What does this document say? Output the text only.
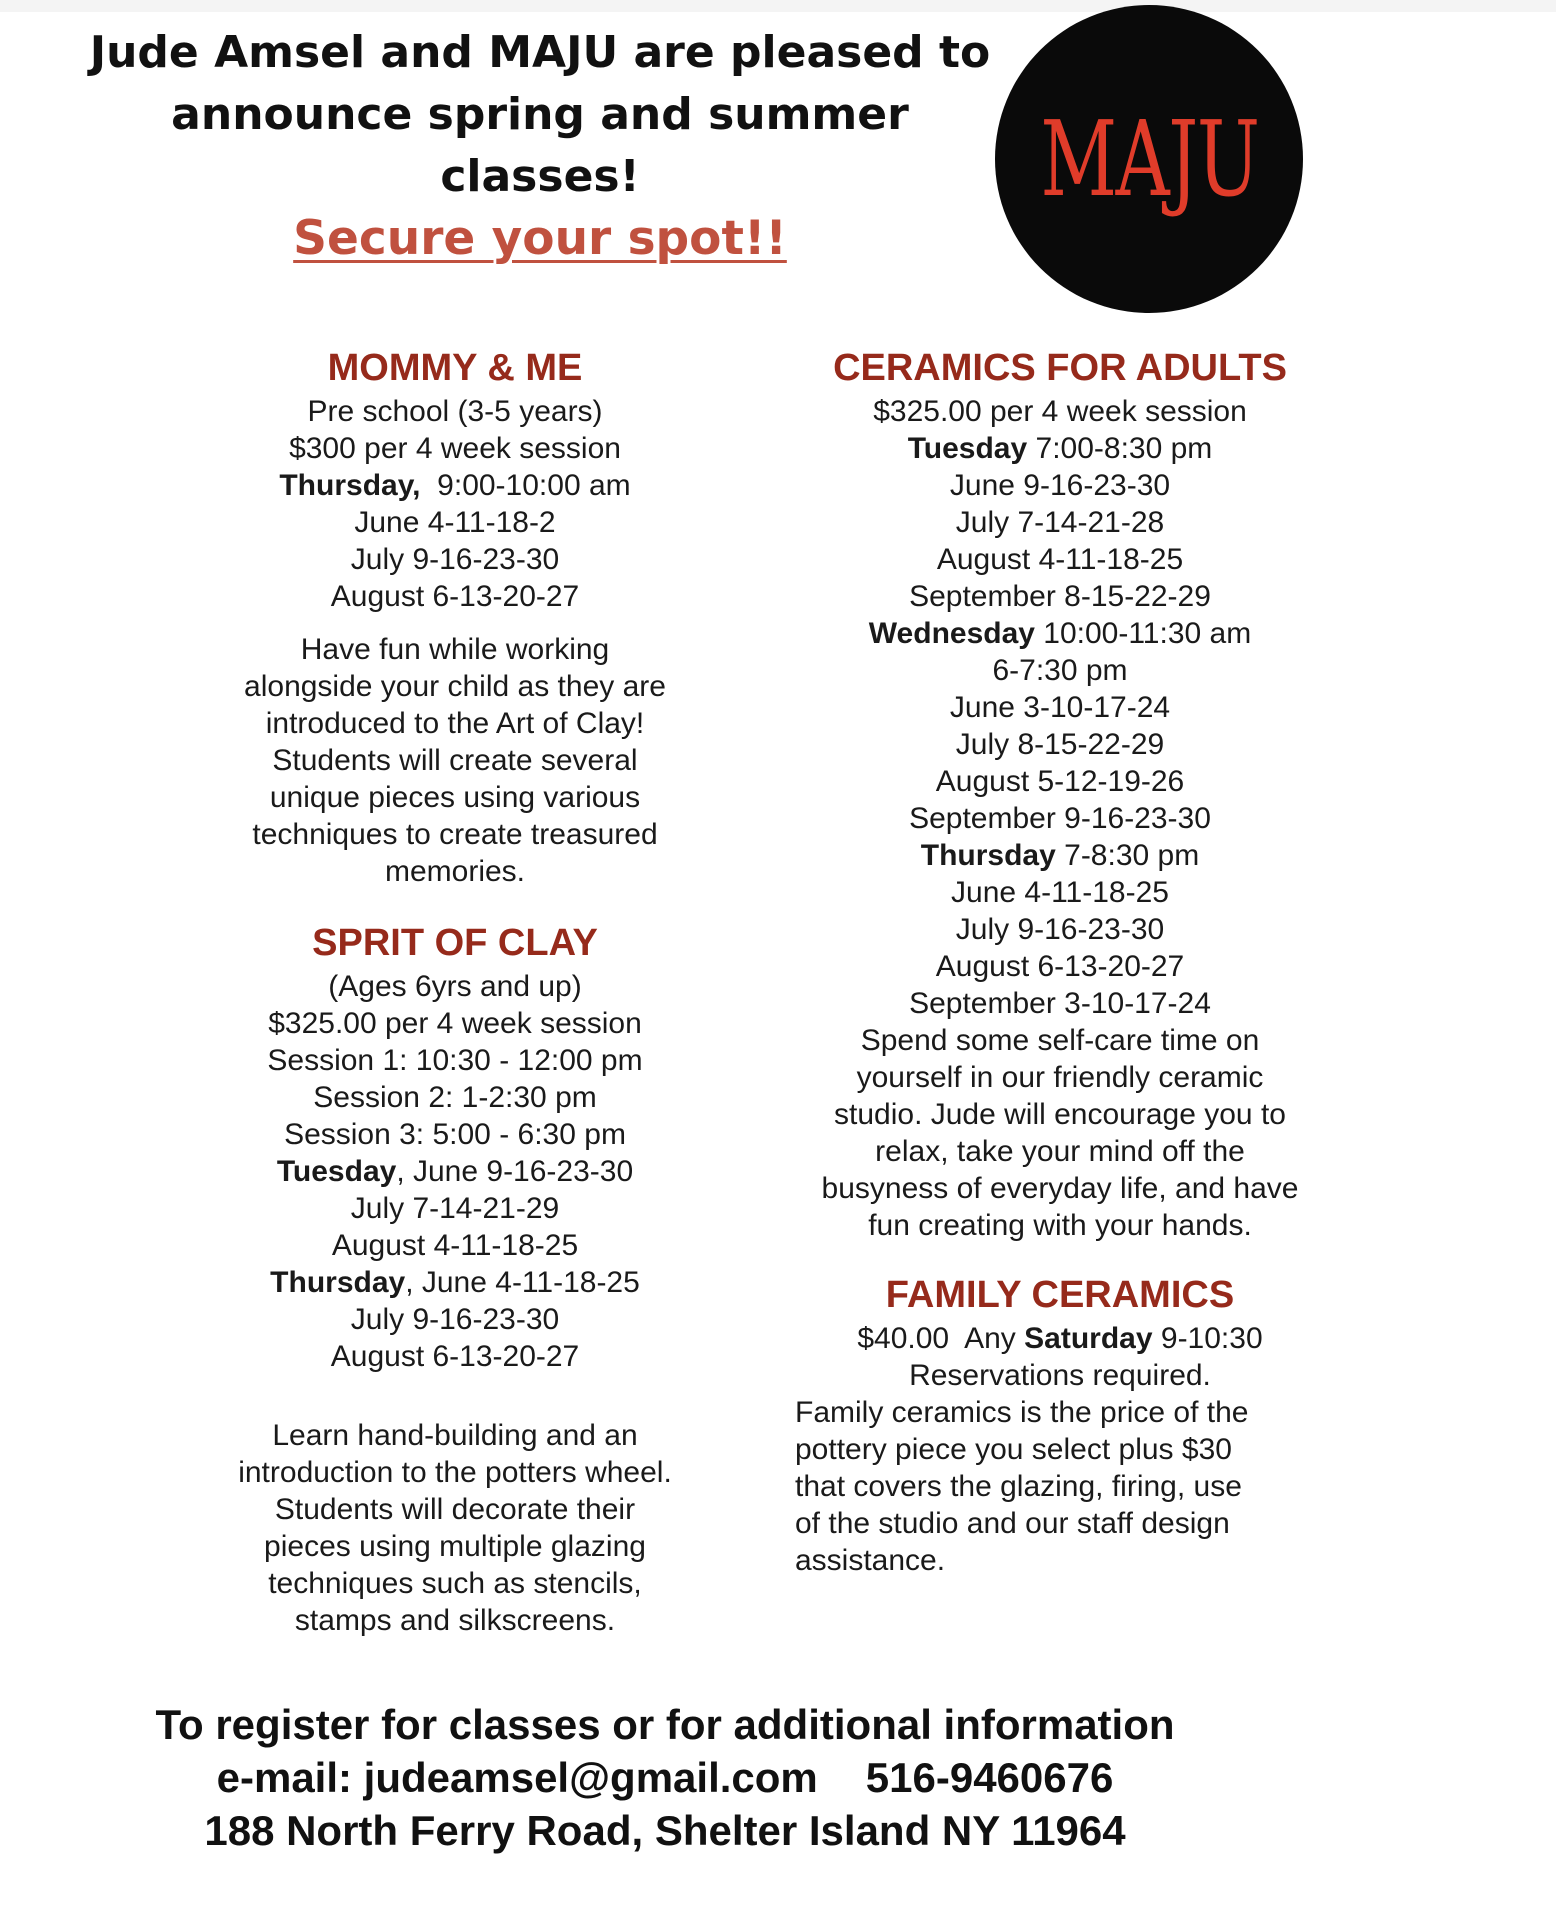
Jude Amsel and MAJU are pleased to
announce spring and summer
classes!
Secure your spot!!
MAJU
MOMMY & ME
Pre school (3-5 years)
$300 per 4 week session
Thursday,  9:00-10:00 am
June 4-11-18-2
July 9-16-23-30
August 6-13-20-27
Have fun while working
alongside your child as they are
introduced to the Art of Clay!
Students will create several
unique pieces using various
techniques to create treasured
memories.
SPRIT OF CLAY
(Ages 6yrs and up)
$325.00 per 4 week session
Session 1: 10:30 - 12:00 pm
Session 2: 1-2:30 pm
Session 3: 5:00 - 6:30 pm
Tuesday, June 9-16-23-30
July 7-14-21-29
August 4-11-18-25
Thursday, June 4-11-18-25
July 9-16-23-30
August 6-13-20-27
Learn hand-building and an
introduction to the potters wheel.
Students will decorate their
pieces using multiple glazing
techniques such as stencils,
stamps and silkscreens.
CERAMICS FOR ADULTS
$325.00 per 4 week session
Tuesday 7:00-8:30 pm
June 9-16-23-30
July 7-14-21-28
August 4-11-18-25
September 8-15-22-29
Wednesday 10:00-11:30 am
6-7:30 pm
June 3-10-17-24
July 8-15-22-29
August 5-12-19-26
September 9-16-23-30
Thursday 7-8:30 pm
June 4-11-18-25
July 9-16-23-30
August 6-13-20-27
September 3-10-17-24
Spend some self-care time on
yourself in our friendly ceramic
studio. Jude will encourage you to
relax, take your mind off the
busyness of everyday life, and have
fun creating with your hands.
FAMILY CERAMICS
$40.00  Any Saturday 9-10:30
Reservations required.
Family ceramics is the price of the
pottery piece you select plus $30
that covers the glazing, firing, use
of the studio and our staff design
assistance.
To register for classes or for additional information
e-mail: judeamsel@gmail.com 516-9460676
188 North Ferry Road, Shelter Island NY 11964
